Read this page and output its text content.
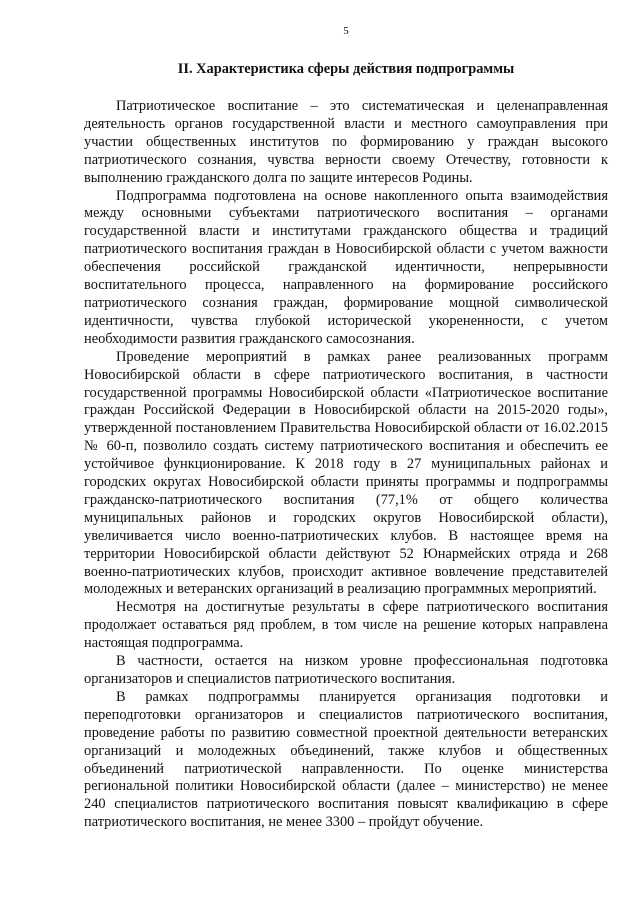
5
II. Характеристика сферы действия подпрограммы

Патриотическое воспитание – это систематическая и целенаправленная деятельность органов государственной власти и местного самоуправления при участии общественных институтов по формированию у граждан высокого патриотического сознания, чувства верности своему Отечеству, готовности к выполнению гражданского долга по защите интересов Родины.

Подпрограмма подготовлена на основе накопленного опыта взаимодействия между основными субъектами патриотического воспитания – органами государственной власти и институтами гражданского общества и традиций патриотического воспитания граждан в Новосибирской области с учетом важности обеспечения российской гражданской идентичности, непрерывности воспитательного процесса, направленного на формирование российского патриотического сознания граждан, формирование мощной символической идентичности, чувства глубокой исторической укорененности, с учетом необходимости развития гражданского самосознания.

Проведение мероприятий в рамках ранее реализованных программ Новосибирской области в сфере патриотического воспитания, в частности государственной программы Новосибирской области «Патриотическое воспитание граждан Российской Федерации в Новосибирской области на 2015-2020 годы», утвержденной постановлением Правительства Новосибирской области от 16.02.2015 № 60-п, позволило создать систему патриотического воспитания и обеспечить ее устойчивое функционирование. К 2018 году в 27 муниципальных районах и городских округах Новосибирской области приняты программы и подпрограммы гражданско-патриотического воспитания (77,1% от общего количества муниципальных районов и городских округов Новосибирской области), увеличивается число военно-патриотических клубов. В настоящее время на территории Новосибирской области действуют 52 Юнармейских отряда и 268 военно-патриотических клубов, происходит активное вовлечение представителей молодежных и ветеранских организаций в реализацию программных мероприятий.

Несмотря на достигнутые результаты в сфере патриотического воспитания продолжает оставаться ряд проблем, в том числе на решение которых направлена настоящая подпрограмма.

В частности, остается на низком уровне профессиональная подготовка организаторов и специалистов патриотического воспитания.

В рамках подпрограммы планируется организация подготовки и переподготовки организаторов и специалистов патриотического воспитания, проведение работы по развитию совместной проектной деятельности ветеранских организаций и молодежных объединений, также клубов и общественных объединений патриотической направленности. По оценке министерства региональной политики Новосибирской области (далее – министерство) не менее 240 специалистов патриотического воспитания повысят квалификацию в сфере патриотического воспитания, не менее 3300 – пройдут обучение.
